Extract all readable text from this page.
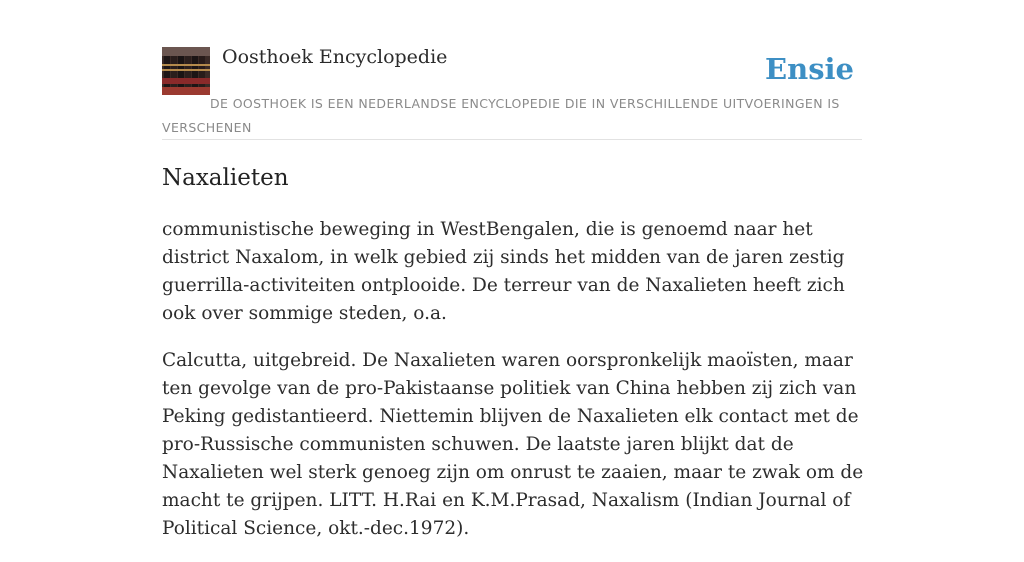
Oosthoek Encyclopedie	Ensie

DE OOSTHOEK IS EEN NEDERLANDSE ENCYCLOPEDIE DIE IN VERSCHILLENDE UITVOERINGEN IS VERSCHENEN

Naxalieten

communistische beweging in WestBengalen, die is genoemd naar het district Naxalom, in welk gebied zij sinds het midden van de jaren zestig guerrilla-activiteiten ontplooide. De terreur van de Naxalieten heeft zich ook over sommige steden, o.a.

Calcutta, uitgebreid. De Naxalieten waren oorspronkelijk maoïsten, maar ten gevolge van de pro-Pakistaanse politiek van China hebben zij zich van Peking gedistantieerd. Niettemin blijven de Naxalieten elk contact met de pro-Russische communisten schuwen. De laatste jaren blijkt dat de Naxalieten wel sterk genoeg zijn om onrust te zaaien, maar te zwak om de macht te grijpen. LITT. H.Rai en K.M.Prasad, Naxalism (Indian Journal of Political Science, okt.-dec.1972).
